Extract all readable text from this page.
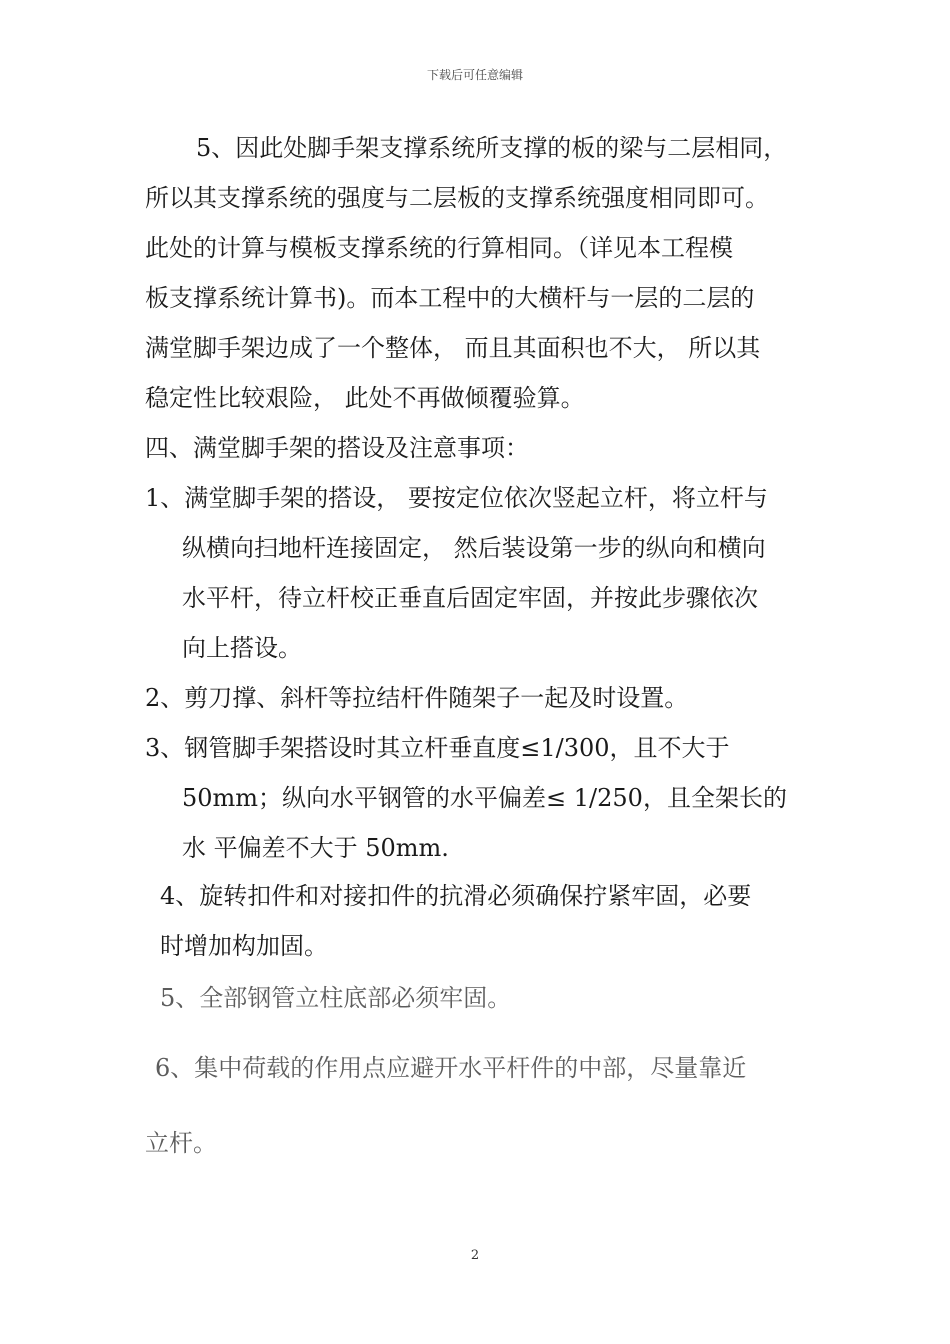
下载后可任意编辑
5、因此处脚手架支撑系统所支撑的板的梁与二层相同，
所以其支撑系统的强度与二层板的支撑系统强度相同即可。
此处的计算与模板支撑系统的行算相同。（详见本工程模
板支撑系统计算书)。而本工程中的大横杆与一层的二层的
满堂脚手架边成了一个整体， 而且其面积也不大， 所以其
稳定性比较艰险， 此处不再做倾覆验算。
四、满堂脚手架的搭设及注意事项：
1、满堂脚手架的搭设， 要按定位依次竖起立杆，将立杆与
纵横向扫地杆连接固定， 然后装设第一步的纵向和横向
水平杆，待立杆校正垂直后固定牢固，并按此步骤依次
向上搭设。
2、剪刀撑、斜杆等拉结杆件随架子一起及时设置。
3、钢管脚手架搭设时其立杆垂直度≤1/300，且不大于
50mm；纵向水平钢管的水平偏差≤ 1/250，且全架长的
水 平偏差不大于 50mm.
4、旋转扣件和对接扣件的抗滑必须确保拧紧牢固，必要
时增加构加固。
5、全部钢管立柱底部必须牢固。
6、集中荷载的作用点应避开水平杆件的中部，尽量靠近
立杆。
2
